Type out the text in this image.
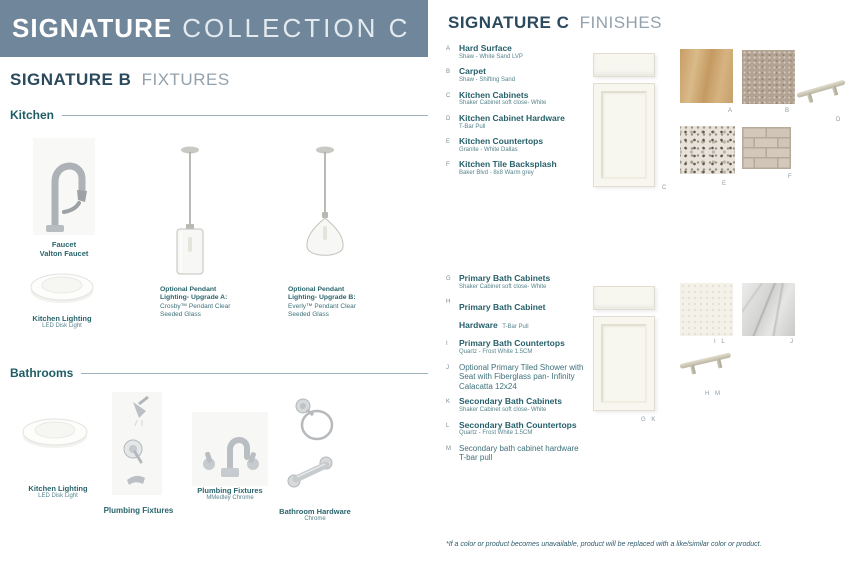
SIGNATURE COLLECTION C
SIGNATURE B FIXTURES
Kitchen
Faucet
Valton Faucet
Kitchen Lighting
LED Disk Light
Optional Pendant Lighting- Upgrade A:
Crosby™ Pendant Clear Seeded Glass
Optional Pendant Lighting- Upgrade B:
Everly™ Pendant Clear Seeded Glass
Bathrooms
Kitchen Lighting
LED Disk Light
Plumbing Fixtures
Plumbing Fixtures
MMedley Chrome
Bathroom Hardware
Chrome
SIGNATURE C FINISHES
A	Hard Surface
Shaw - White Sand LVP
B	Carpet
Shaw - Shifting Sand
C	Kitchen Cabinets
Shaker Cabinet soft close- White
D	Kitchen Cabinet Hardware
T-Bar Pull
E	Kitchen Countertops
Granite - White Dallas
F	Kitchen Tile Backsplash
Baker Blvd - 8x8 Warm grey
C
A	B
D
E
F
G Primary Bath Cabinets
Shaker Cabinet soft close- White
H	Primary Bath Cabinet Hardware T-Bar Pull
I	Primary Bath Countertops
Quartz - Frost White 1.5CM
J	Optional Primary Tiled Shower with Seat with Fiberglass pan- Infinity Calacatta 12x24
K	Secondary Bath Cabinets
Shaker Cabinet soft close- White
L	Secondary Bath Countertops
Quartz - Frost White 1.5CM
M	Secondary bath cabinet hardware T-bar pull
G K
I L	J
H M
*If a color or product becomes unavailable, product will be replaced with a like/similar color or product.
